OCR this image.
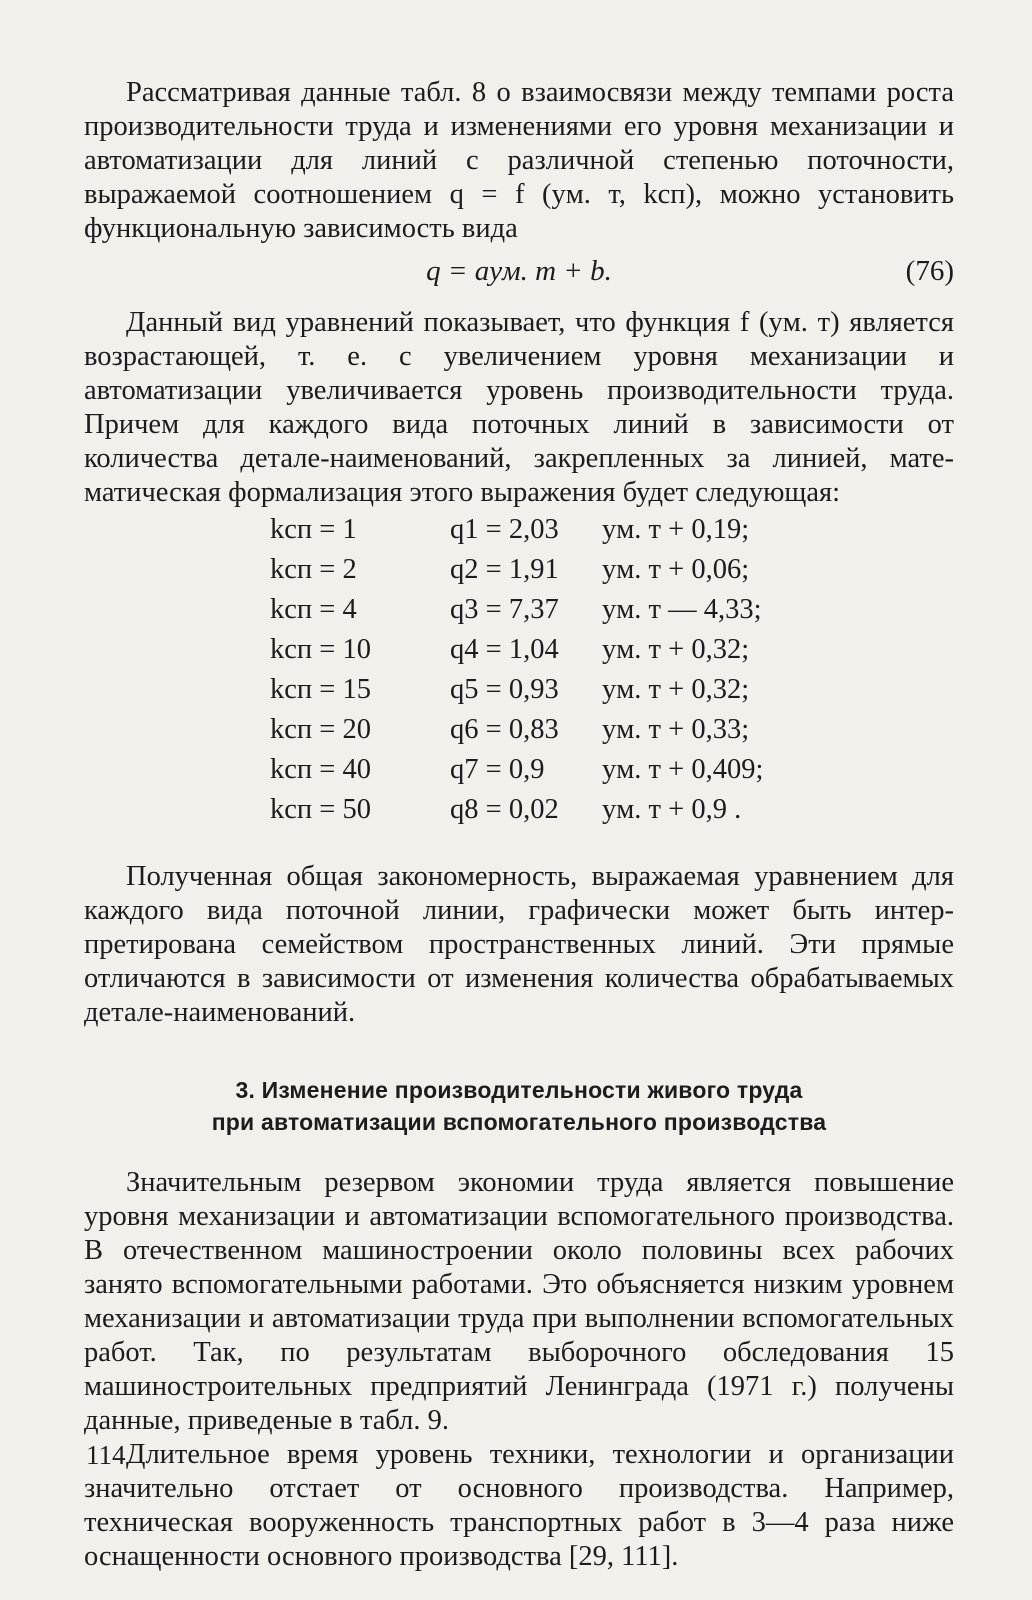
Рассматривая данные табл. 8 о взаимосвязи между темпами роста производительности труда и изменениями его уровня механизации и автоматизации для линий с различной степенью поточности, выражаемой соотношением q = f (yм. т, kсп), можно установить функциональную зависимость вида

q = ayм. т + b.	(76)

Данный вид уравнений показывает, что функция f (yм. т) является возрастающей, т. е. с увеличением уровня механизации и автоматизации увеличивается уровень производительности труда. Причем для каждого вида поточных линий в зависимости от количества детале-наименований, закрепленных за линией, математическая формализация этого выражения будет следующая:

kсп = 1	q1 = 2,03	yм. т + 0,19;
kсп = 2	q2 = 1,91	yм. т + 0,06;
kсп = 4	q3 = 7,37	yм. т — 4,33;
kсп = 10	q4 = 1,04	yм. т + 0,32;
kсп = 15	q5 = 0,93	yм. т + 0,32;
kсп = 20	q6 = 0,83	yм. т + 0,33;
kсп = 40	q7 = 0,9	yм. т + 0,409;
kсп = 50	q8 = 0,02	yм. т + 0,9 .

Полученная общая закономерность, выражаемая уравнением для каждого вида поточной линии, графически может быть интерпретирована семейством пространственных линий. Эти прямые отличаются в зависимости от изменения количества обрабатываемых детале-наименований.

3. Изменение производительности живого труда
при автоматизации вспомогательного производства

Значительным резервом экономии труда является повышение уровня механизации и автоматизации вспомогательного производства. В отечественном машиностроении около половины всех рабочих занято вспомогательными работами. Это объясняется низким уровнем механизации и автоматизации труда при выполнении вспомогательных работ. Так, по результатам выборочного обследования 15 машиностроительных предприятий Ленинграда (1971 г.) получены данные, приведеные в табл. 9.

Длительное время уровень техники, технологии и организации значительно отстает от основного производства. Например, техническая вооруженность транспортных работ в 3—4 раза ниже оснащенности основного производства [29, 111].

114
